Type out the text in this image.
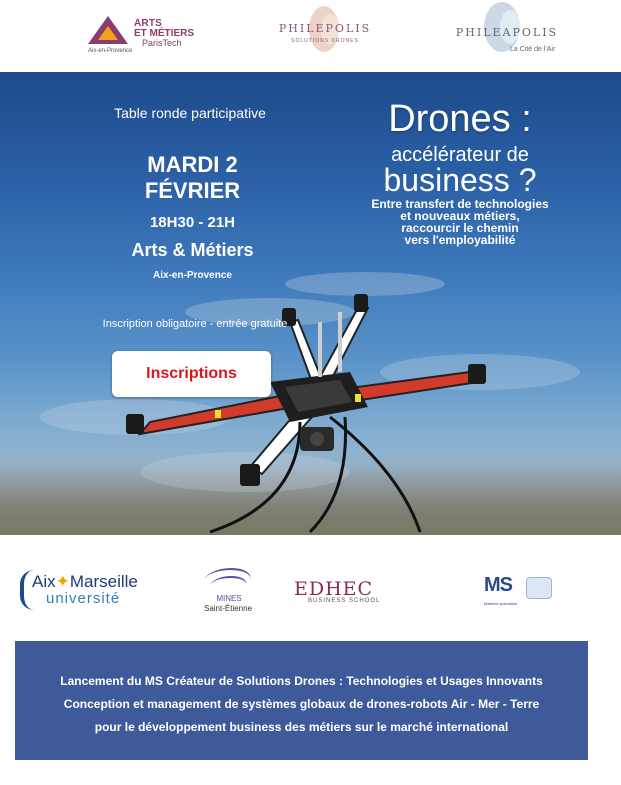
ARTS
ET MÉTIERS
ParisTech
Aix-en-Provence
PHILEPOLIS
SOLUTIONS DRONES
PHILEAPOLIS
La Cité de l'Air
Table ronde participative
MARDI 2
FÉVRIER
18H30 - 21H
Arts & Métiers
Aix-en-Provence
Inscription obligatoire - entrée gratuite
Drones :
accélérateur de
business ?
Entre transfert de technologies
et nouveaux métiers,
raccourcir le chemin
vers l'employabilité
Inscriptions
Aix✦Marseille
université	MINES
Saint-Étienne
EDHEC
BUSINESS SCHOOL
MS
Mastère spécialisé
Lancement du MS Créateur de Solutions Drones : Technologies et Usages Innovants
Conception et management de systèmes globaux de drones-robots Air - Mer - Terre
pour le développement business des métiers sur le marché international
